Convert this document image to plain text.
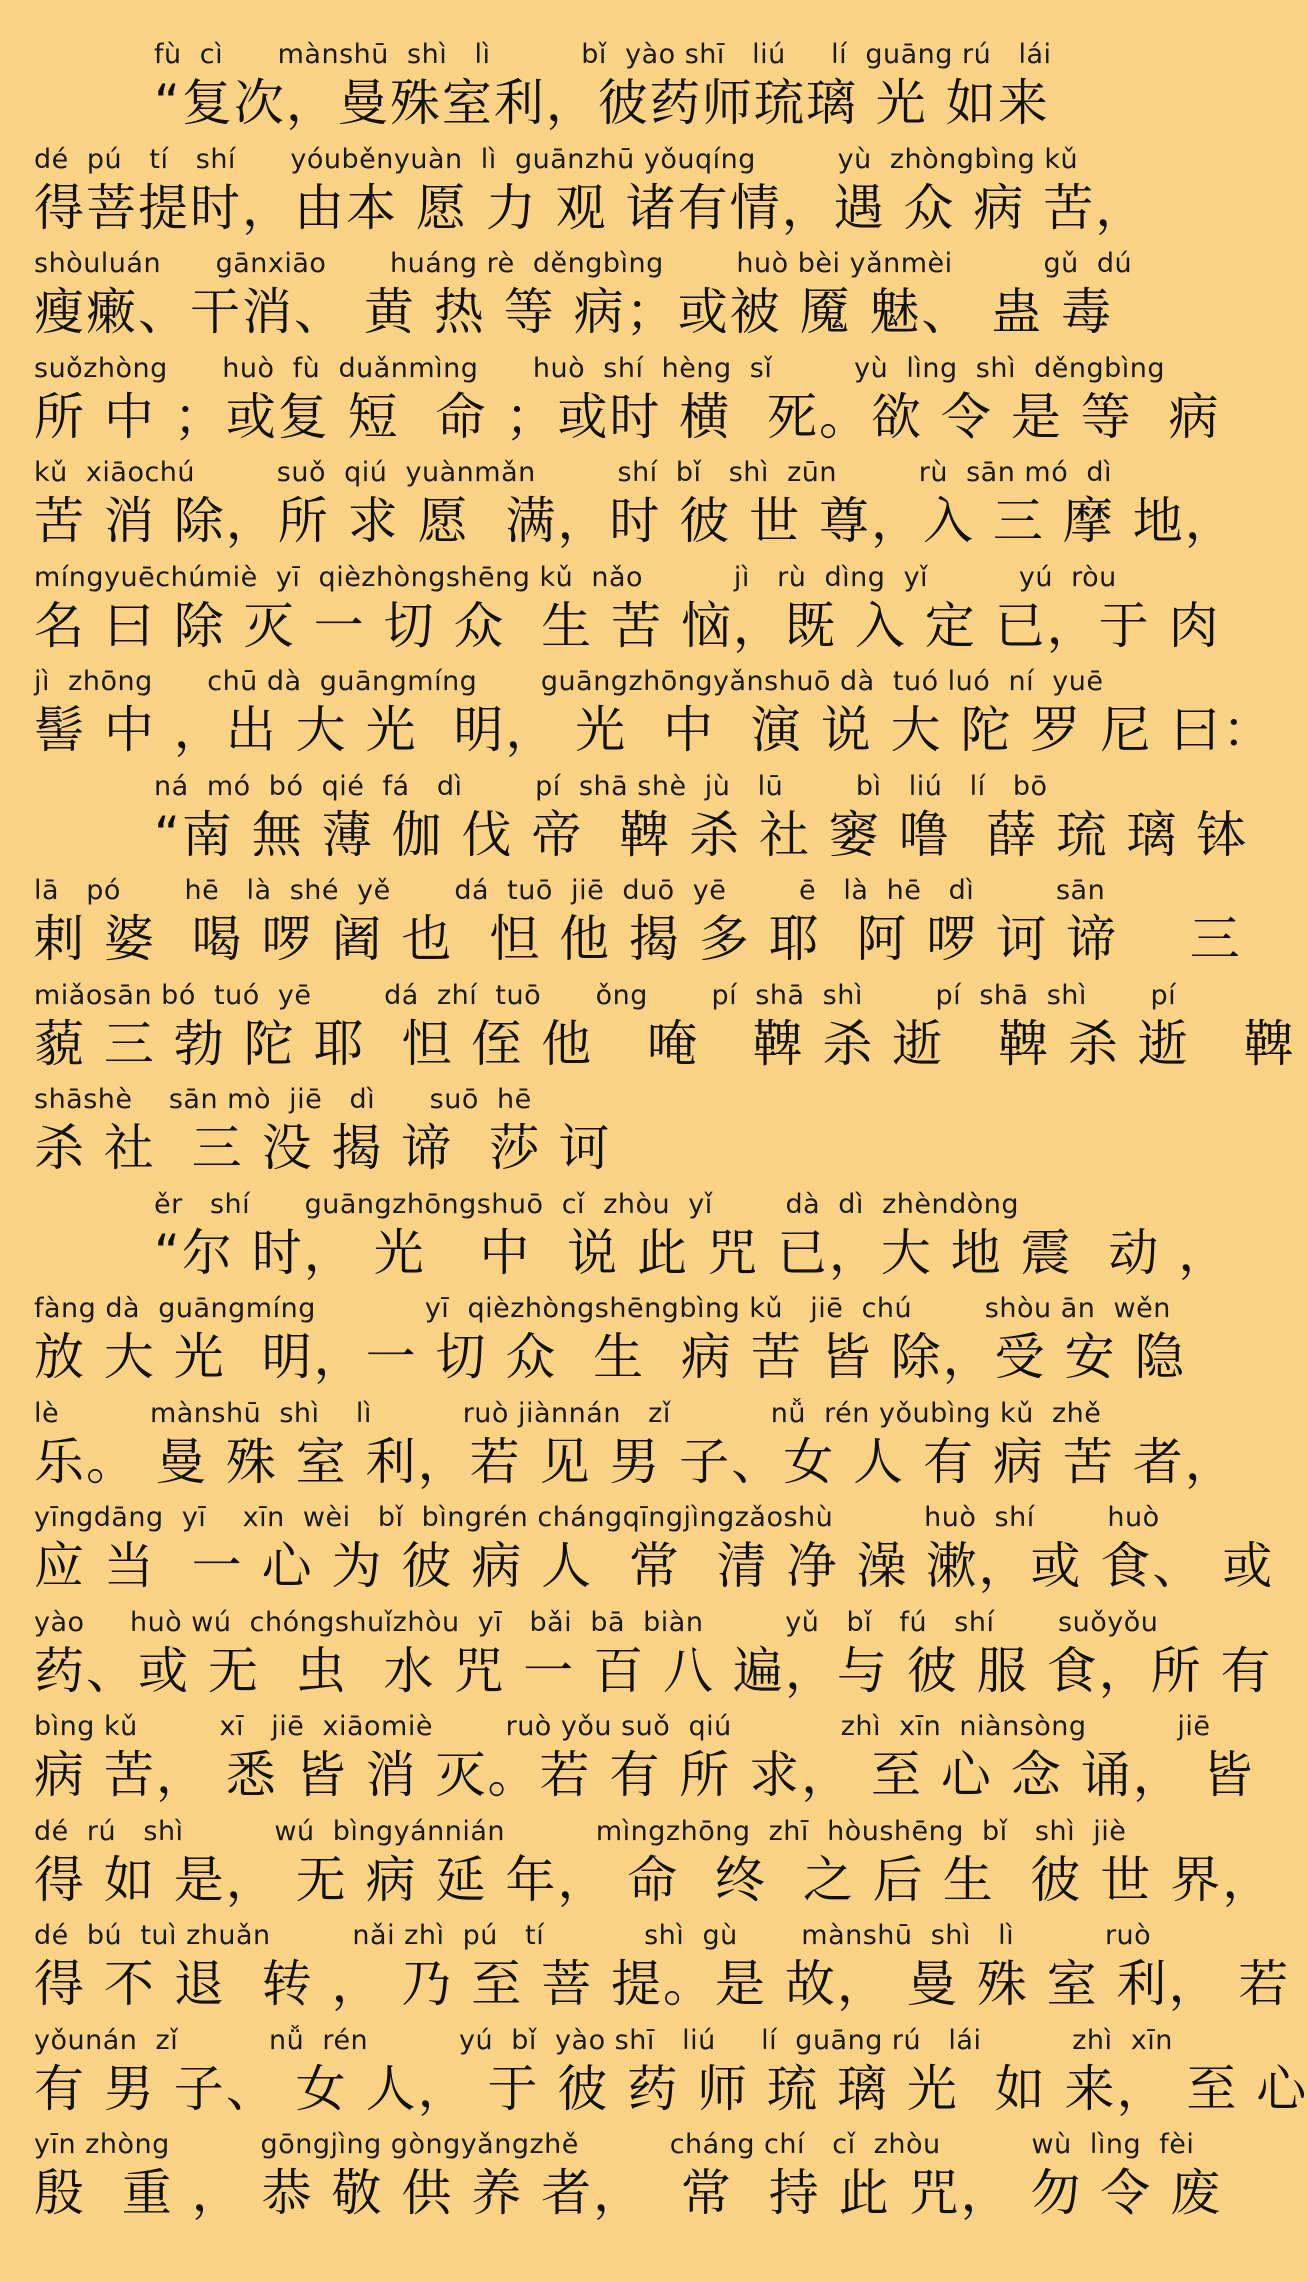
fù  cì      mànshū  shì   lì          bǐ  yào shī   liú     lí  guāng rú   lái
“复次，曼殊室利，彼药师琉璃 光 如来
dé  pú   tí   shí      yóuběnyuàn  lì  guānzhū yǒuqíng         yù  zhòngbìng kǔ
得菩提时，由本 愿 力 观 诸有情，遇 众 病 苦，
shòuluán      gānxiāo       huáng rè  děngbìng        huò bèi yǎnmèi          gǔ  dú
瘦瘷、干消、 黄 热 等 病；或被 魇 魅、 蛊 毒
suǒzhòng      huò  fù  duǎnmìng      huò  shí  hèng  sǐ         yù  lìng  shì  děngbìng
所 中 ；或复 短  命 ；或时 横  死。欲 令 是 等  病
kǔ  xiāochú         suǒ  qiú  yuànmǎn         shí  bǐ   shì  zūn         rù  sān mó  dì
苦 消 除，所 求 愿  满，时 彼 世 尊，入 三 摩 地，
míngyuēchúmiè  yī  qièzhòngshēng kǔ  nǎo          jì   rù  dìng  yǐ          yú  ròu
名 曰 除 灭 一 切 众  生 苦 恼，既 入 定 已，于 肉
jì  zhōng      chū dà  guāngmíng       guāngzhōngyǎnshuō dà  tuó luó  ní  yuē
髻 中 ，出 大 光  明， 光  中  演 说 大 陀 罗 尼 曰：
ná  mó  bó  qié  fá   dì        pí  shā shè  jù   lū        bì   liú   lí   bō
“南 無 薄 伽 伐 帝  鞞 杀 社 窭 噜  薛 琉 璃 钵
lā   pó       hē   là  shé  yě       dá  tuō  jiē  duō  yē        ē   là  hē   dì         sān
剌 婆  喝 啰 阇 也  怛 他 揭 多 耶  阿 啰 诃 谛    三
miǎosān bó  tuó  yē        dá  zhí  tuō      ǒng       pí  shā  shì        pí  shā  shì       pí
藐 三 勃 陀 耶  怛 侄 他   唵   鞞 杀 逝   鞞 杀 逝   鞞
shāshè    sān mò  jiē   dì      suō  hē
杀 社  三 没 揭 谛  莎 诃
ěr   shí      guāngzhōngshuō  cǐ  zhòu  yǐ        dà  dì  zhèndòng
“尔 时， 光   中  说 此 咒 已，大 地 震  动 ，
fàng dà  guāngmíng            yī  qièzhòngshēngbìng kǔ   jiē  chú        shòu ān  wěn
放 大 光  明，一 切 众  生  病 苦 皆 除，受 安 隐
lè          mànshū  shì    lì          ruò jiànnán   zǐ           nǚ  rén yǒubìng kǔ  zhě
乐。 曼 殊 室 利，若 见 男 子、女 人 有 病 苦 者，
yīngdāng  yī    xīn  wèi   bǐ  bìngrén chángqīngjìngzǎoshù          huò  shí        huò
应 当  一 心 为 彼 病 人  常  清 净 澡 漱，或 食、 或
yào     huò wú  chóngshuǐzhòu  yī   bǎi  bā  biàn         yǔ   bǐ   fú   shí       suǒyǒu
药、或 无  虫  水 咒 一 百 八 遍，与 彼 服 食，所 有
bìng kǔ         xī   jiē  xiāomiè        ruò yǒu suǒ  qiú            zhì  xīn  niànsòng          jiē
病 苦， 悉 皆 消 灭。若 有 所 求， 至 心 念 诵， 皆
dé  rú   shì          wú  bìngyánnián          mìngzhōng  zhī  hòushēng  bǐ   shì  jiè
得 如 是， 无 病 延 年， 命  终  之 后 生  彼 世 界，
dé  bú  tuì zhuǎn         nǎi zhì  pú   tí           shì  gù       mànshū  shì   lì          ruò
得 不 退  转 ， 乃 至 菩 提。是 故， 曼 殊 室 利， 若
yǒunán  zǐ          nǚ  rén          yú  bǐ  yào shī   liú     lí  guāng rú   lái          zhì  xīn
有 男 子、 女 人， 于 彼 药 师 琉 璃 光  如 来， 至 心
yīn zhòng          gōngjìng gòngyǎngzhě          cháng chí   cǐ  zhòu          wù  lìng  fèi
殷  重 ， 恭 敬 供 养 者，  常  持 此 咒， 勿 令 废
